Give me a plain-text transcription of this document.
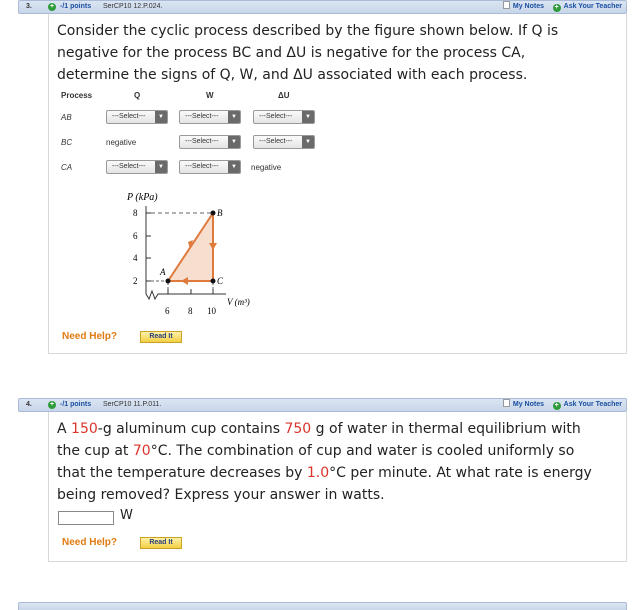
3.	+ -/1 points SerCP10 12.P.024.	My Notes + Ask Your Teacher
Consider the cyclic process described by the figure shown below. If Q is negative for the process BC and ΔU is negative for the process CA, determine the signs of Q, W, and ΔU associated with each process.
Process	Q	W	ΔU
AB	---Select---	▼	---Select---	▼	---Select---	▼
BC	negative	---Select---	▼	---Select---	▼
CA	---Select---	▼	---Select---	▼	negative
P (kPa)
8
6
4
2
6 8 10
V (m³)
A
B
C
Need Help?	Read It
4.	+ -/1 points SerCP10 11.P.011.	My Notes + Ask Your Teacher
A 150-g aluminum cup contains 750 g of water in thermal equilibrium with the cup at 70°C. The combination of cup and water is cooled uniformly so that the temperature decreases by 1.0°C per minute. At what rate is energy being removed? Express your answer in watts.
W
Need Help?	Read It
